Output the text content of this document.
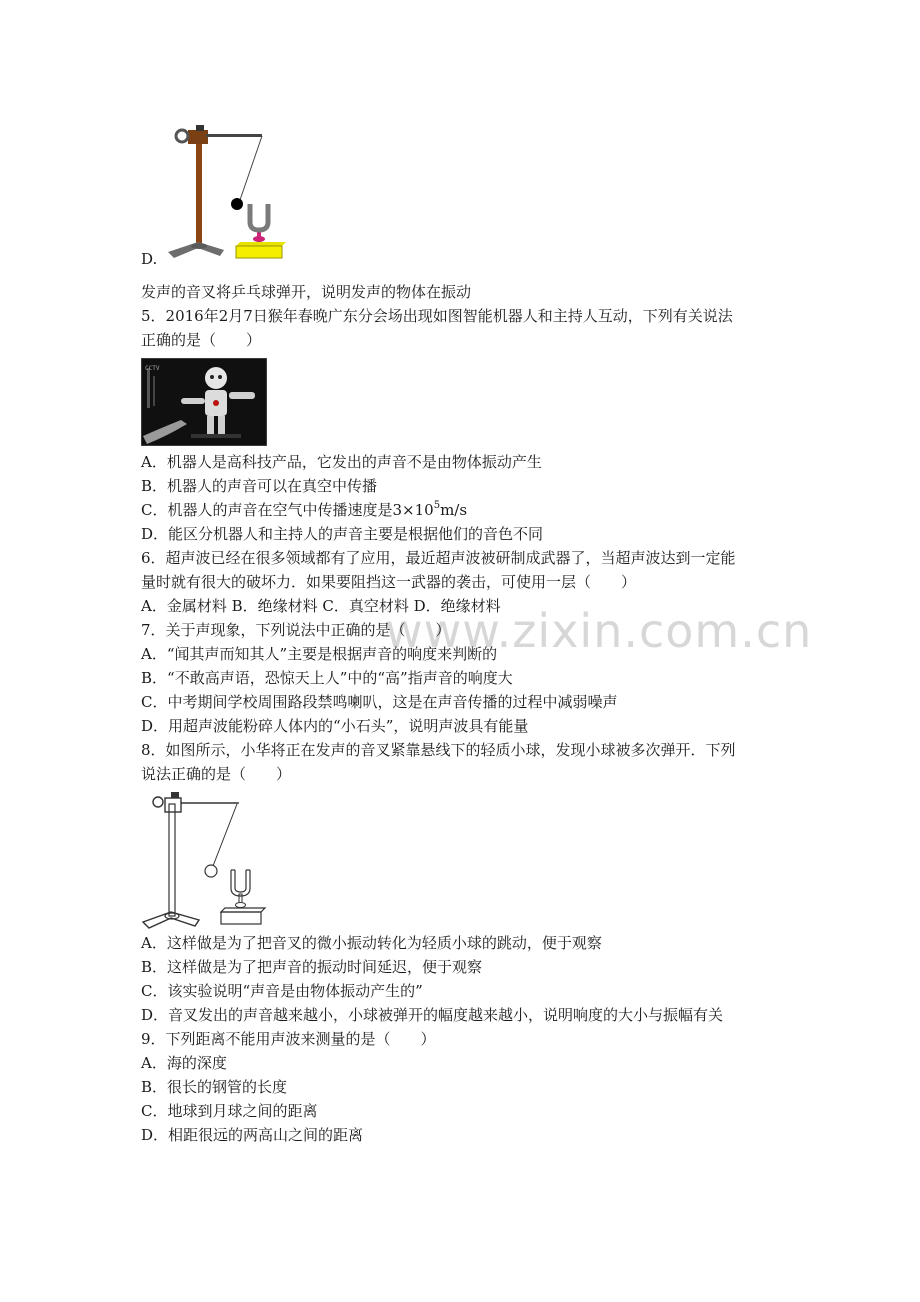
www.zixin.com.cn
D.
发声的音叉将乒乓球弹开，说明发声的物体在振动
5．2016年2月7日猴年春晚广东分会场出现如图智能机器人和主持人互动，下列有关说法
正确的是（　　）
CCTV
A．机器人是高科技产品，它发出的声音不是由物体振动产生
B．机器人的声音可以在真空中传播
C．机器人的声音在空气中传播速度是$3\times 10^5m/s$
D．能区分机器人和主持人的声音主要是根据他们的音色不同
6．超声波已经在很多领域都有了应用，最近超声波被研制成武器了，当超声波达到一定能
量时就有很大的破坏力．如果要阻挡这一武器的袭击，可使用一层（　　）
A．金属材料 B．绝缘材料 C．真空材料 D．绝缘材料
7．关于声现象，下列说法中正确的是（　　）
A．“闻其声而知其人”主要是根据声音的响度来判断的
B．“不敢高声语，恐惊天上人”中的“高”指声音的响度大
C．中考期间学校周围路段禁鸣喇叭，这是在声音传播的过程中减弱噪声
D．用超声波能粉碎人体内的“小石头”，说明声波具有能量
8．如图所示，小华将正在发声的音叉紧靠悬线下的轻质小球，发现小球被多次弹开．下列
说法正确的是（　　）
A．这样做是为了把音叉的微小振动转化为轻质小球的跳动，便于观察
B．这样做是为了把声音的振动时间延迟，便于观察
C．该实验说明“声音是由物体振动产生的”
D．音叉发出的声音越来越小，小球被弹开的幅度越来越小，说明响度的大小与振幅有关
9．下列距离不能用声波来测量的是（　　）
A．海的深度
B．很长的钢管的长度
C．地球到月球之间的距离
D．相距很远的两高山之间的距离
